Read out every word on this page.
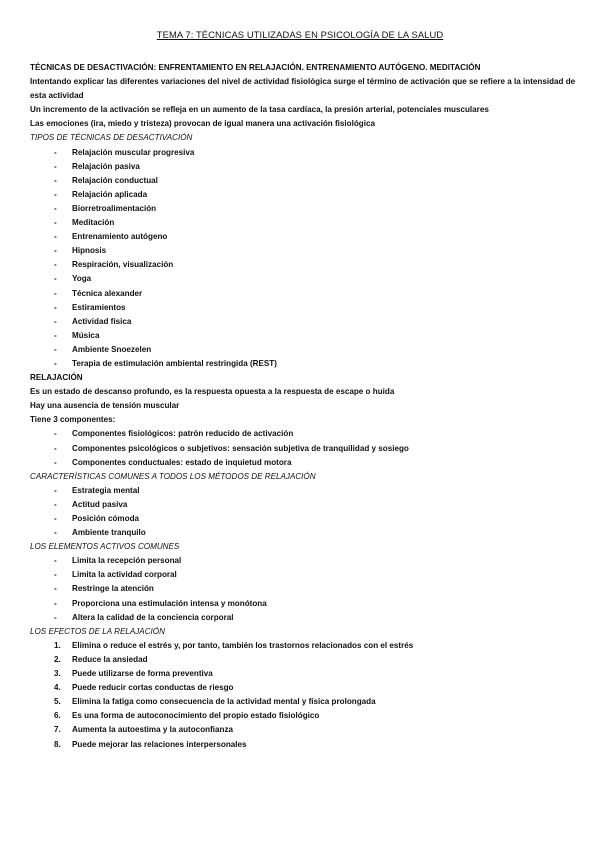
TEMA 7: TÉCNICAS UTILIZADAS EN PSICOLOGÍA DE LA SALUD
TÉCNICAS DE DESACTIVACIÓN: ENFRENTAMIENTO EN RELAJACIÓN. ENTRENAMIENTO AUTÓGENO. MEDITACIÓN
Intentando explicar las diferentes variaciones del nivel de actividad fisiológica surge el término de activación que se refiere a la intensidad de esta actividad
Un incremento de la activación se refleja en un aumento de la tasa cardíaca, la presión arterial, potenciales musculares
Las emociones (ira, miedo y tristeza) provocan de igual manera una activación fisiológica
TIPOS DE TÉCNICAS DE DESACTIVACIÓN
-	Relajación muscular progresiva
-	Relajación pasiva
-	Relajación conductual
-	Relajación aplicada
-	Biorretroalimentación
-	Meditación
-	Entrenamiento autógeno
-	Hipnosis
-	Respiración, visualización
-	Yoga
-	Técnica alexander
-	Estiramientos
-	Actividad física
-	Música
-	Ambiente Snoezelen
-	Terapia de estimulación ambiental restringida (REST)
RELAJACIÓN
Es un estado de descanso profundo, es la respuesta opuesta a la respuesta de escape o huida
Hay una ausencia de tensión muscular
Tiene 3 componentes:
-	Componentes fisiológicos: patrón reducido de activación
-	Componentes psicológicos o subjetivos: sensación subjetiva de tranquilidad y sosiego
-	Componentes conductuales: estado de inquietud motora
CARACTERÍSTICAS COMUNES A TODOS LOS MÉTODOS DE RELAJACIÓN
-	Estrategia mental
-	Actitud pasiva
-	Posición cómoda
-	Ambiente tranquilo
LOS ELEMENTOS ACTIVOS COMUNES
-	Limita la recepción personal
-	Limita la actividad corporal
-	Restringe la atención
-	Proporciona una estimulación intensa y monótona
-	Altera la calidad de la conciencia corporal
LOS EFECTOS DE LA RELAJACIÓN
1.	Elimina o reduce el estrés y, por tanto, también los trastornos relacionados con el estrés
2.	Reduce la ansiedad
3.	Puede utilizarse de forma preventiva
4.	Puede reducir cortas conductas de riesgo
5.	Elimina la fatiga como consecuencia de la actividad mental y física prolongada
6.	Es una forma de autoconocimiento del propio estado fisiológico
7.	Aumenta la autoestima y la autoconfianza
8.	Puede mejorar las relaciones interpersonales
